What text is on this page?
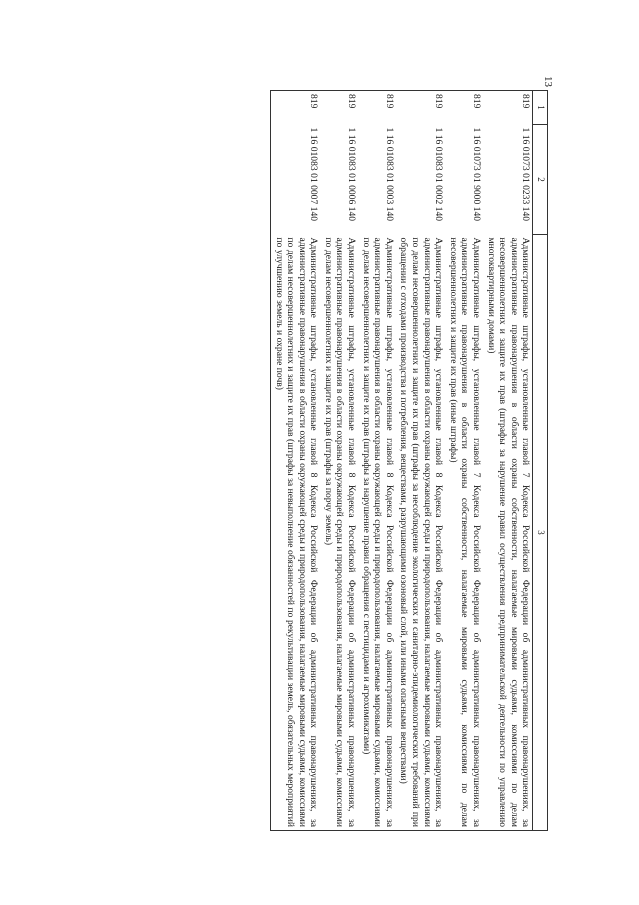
13
1	2	3
819	1 16 01073 01 0233 140	Административные штрафы, установленные главой 7 Кодекса Российской Федерации об административных правонарушениях, за административные правонарушения в области охраны собственности, налагаемые мировыми судьями, комиссиями по делам несовершеннолетних и защите их прав (штрафы за нарушение правил осуществления предпринимательской деятельности по управлению многоквартирными домами)
819	1 16 01073 01 9000 140	Административные штрафы, установленные главой 7 Кодекса Российской Федерации об административных правонарушениях, за административные правонарушения в области охраны собственности, налагаемые мировыми судьями, комиссиями по делам несовершеннолетних и защите их прав (иные штрафы)
819	1 16 01083 01 0002 140	Административные штрафы, установленные главой 8 Кодекса Российской Федерации об административных правонарушениях, за административные правонарушения в области охраны окружающей среды и природопользования, налагаемые мировыми судьями, комиссиями по делам несовершеннолетних и защите их прав (штрафы за несоблюдение экологических и санитарно-эпидемиологических требований при обращении с отходами производства и потребления, веществами, разрушающими озоновый слой, или иными опасными веществами)
819	1 16 01083 01 0003 140	Административные штрафы, установленные главой 8 Кодекса Российской Федерации об административных правонарушениях, за административные правонарушения в области охраны окружающей среды и природопользования, налагаемые мировыми судьями, комиссиями по делам несовершеннолетних и защите их прав (штрафы за нарушение правил обращения с пестицидами и агрохимикатами)
819	1 16 01083 01 0006 140	Административные штрафы, установленные главой 8 Кодекса Российской Федерации об административных правонарушениях, за административные правонарушения в области охраны окружающей среды и природопользования, налагаемые мировыми судьями, комиссиями по делам несовершеннолетних и защите их прав (штрафы за порчу земель)
819	1 16 01083 01 0007 140	Административные штрафы, установленные главой 8 Кодекса Российской Федерации об административных правонарушениях, за административные правонарушения в области охраны окружающей среды и природопользования, налагаемые мировыми судьями, комиссиями по делам несовершеннолетних и защите их прав (штрафы за невыполнение обязанностей по рекультивации земель, обязательных мероприятий по улучшению земель и охране почв)
